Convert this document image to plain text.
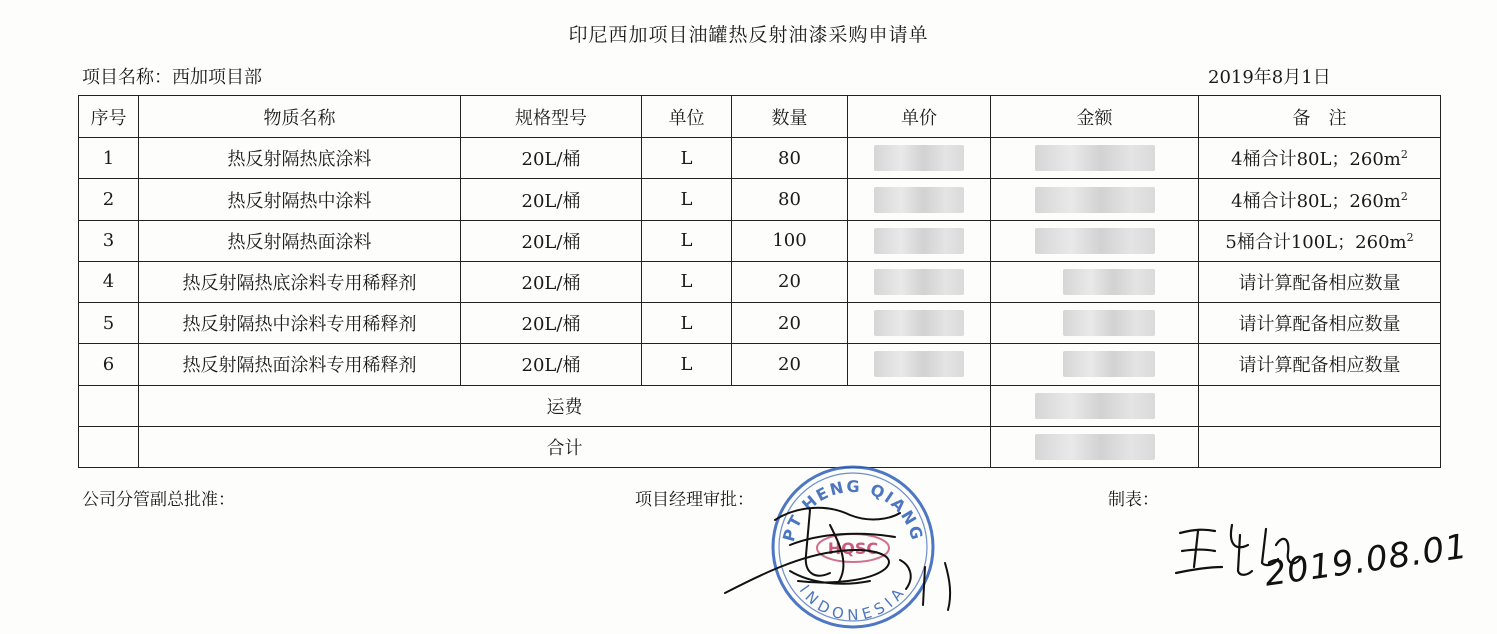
印尼西加项目油罐热反射油漆采购申请单
项目名称：西加项目部	2019年8月1日
序号	物质名称	规格型号	单位	数量	单价	金额	备　注
1	热反射隔热底涂料	20L/桶	L	80			4桶合计80L；$260m^2$
2	热反射隔热中涂料	20L/桶	L	80			4桶合计80L；$260m^2$
3	热反射隔热面涂料	20L/桶	L	100			5桶合计100L；$260m^2$
4	热反射隔热底涂料专用稀释剂	20L/桶	L	20			请计算配备相应数量
5	热反射隔热中涂料专用稀释剂	20L/桶	L	20			请计算配备相应数量
6	热反射隔热面涂料专用稀释剂	20L/桶	L	20			请计算配备相应数量
	运费						
	合计						
公司分管副总批准：	项目经理审批：	制表：
PT HENG QIANG
HQSC
INDONESIA	2019.08.01
